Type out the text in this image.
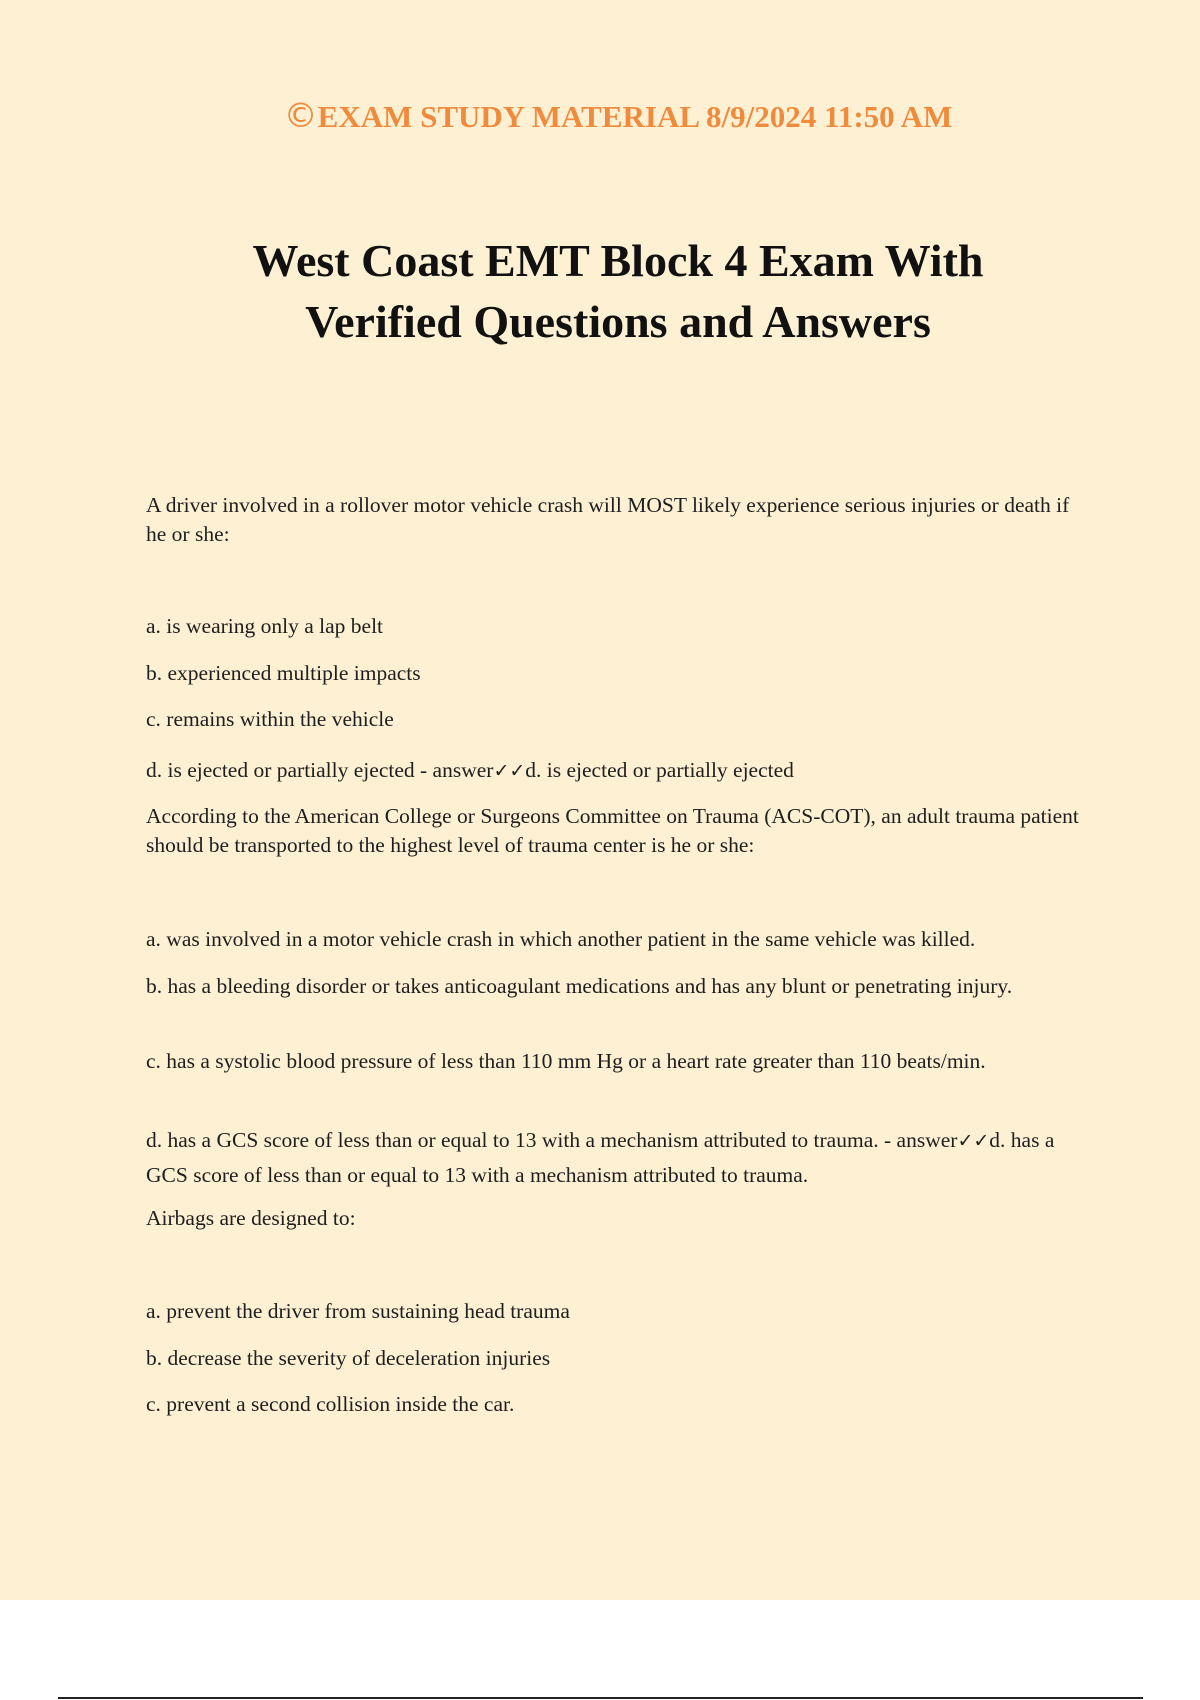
©EXAM STUDY MATERIAL 8/9/2024 11:50 AM
West Coast EMT Block 4 Exam With
Verified Questions and Answers
A driver involved in a rollover motor vehicle crash will MOST likely experience serious injuries or death if he or she:
a. is wearing only a lap belt
b. experienced multiple impacts
c. remains within the vehicle
d. is ejected or partially ejected - answer✓✓d. is ejected or partially ejected
According to the American College or Surgeons Committee on Trauma (ACS-COT), an adult trauma patient should be transported to the highest level of trauma center is he or she:
a. was involved in a motor vehicle crash in which another patient in the same vehicle was killed.
b. has a bleeding disorder or takes anticoagulant medications and has any blunt or penetrating injury.
c. has a systolic blood pressure of less than 110 mm Hg or a heart rate greater than 110 beats/min.
d. has a GCS score of less than or equal to 13 with a mechanism attributed to trauma. - answer✓✓d. has a GCS score of less than or equal to 13 with a mechanism attributed to trauma.
Airbags are designed to:
a. prevent the driver from sustaining head trauma
b. decrease the severity of deceleration injuries
c. prevent a second collision inside the car.
